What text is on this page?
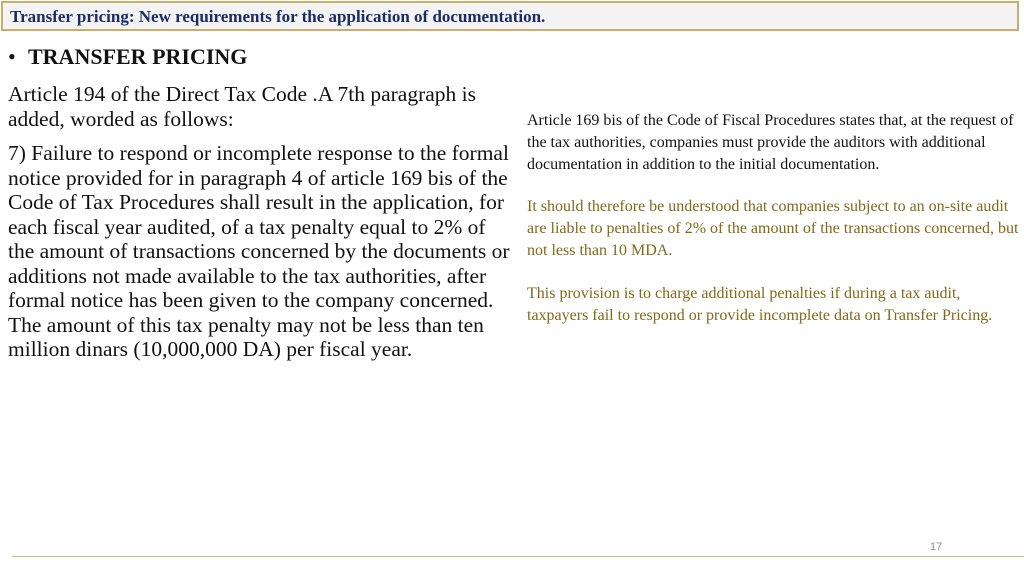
Transfer pricing: New requirements for the application of documentation.
• TRANSFER PRICING

Article 194 of the Direct Tax Code .A 7th paragraph is added, worded as follows:

7) Failure to respond or incomplete response to the formal notice provided for in paragraph 4 of article 169 bis of the Code of Tax Procedures shall result in the application, for each fiscal year audited, of a tax penalty equal to 2% of the amount of transactions concerned by the documents or additions not made available to the tax authorities, after formal notice has been given to the company concerned. The amount of this tax penalty may not be less than ten million dinars (10,000,000 DA) per fiscal year.

Article 169 bis of the Code of Fiscal Procedures states that, at the request of the tax authorities, companies must provide the auditors with additional documentation in addition to the initial documentation.

It should therefore be understood that companies subject to an on-site audit are liable to penalties of 2% of the amount of the transactions concerned, but not less than 10 MDA.

This provision is to charge additional penalties if during a tax audit, taxpayers fail to respond or provide incomplete data on Transfer Pricing.

17
